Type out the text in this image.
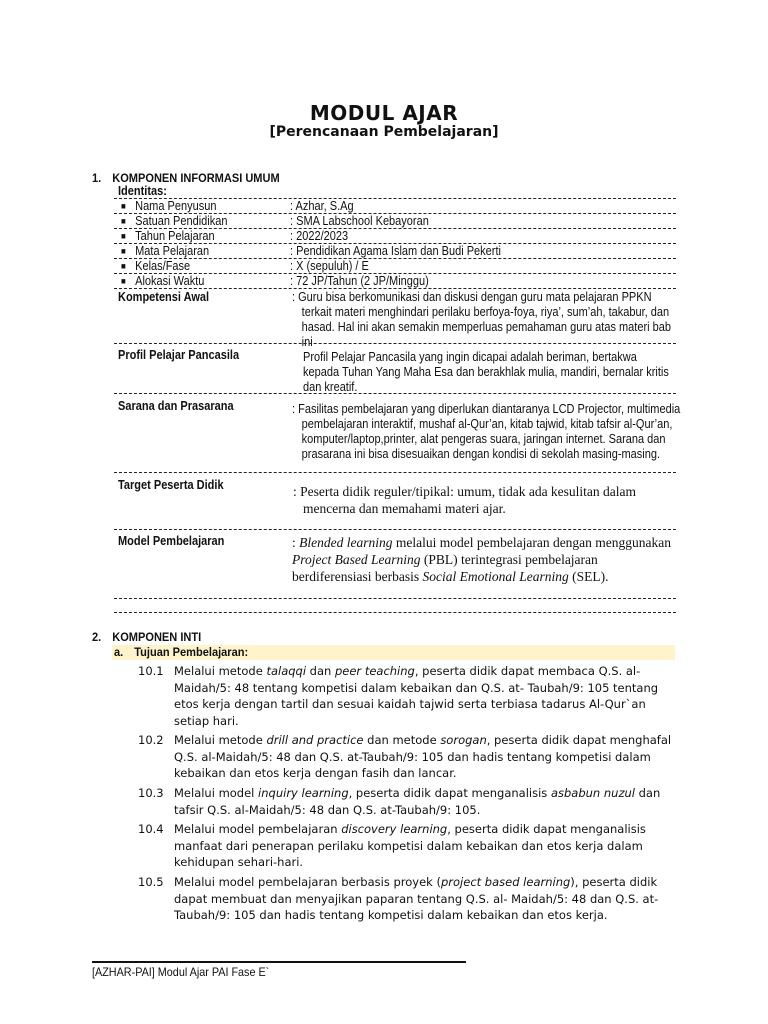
MODUL AJAR
[Perencanaan Pembelajaran]
1. KOMPONEN INFORMASI UMUM
Identitas:
■ Nama Penyusun	: Azhar, S.Ag
■ Satuan Pendidikan	: SMA Labschool Kebayoran
■ Tahun Pelajaran	: 2022/2023
■ Mata Pelajaran	: Pendidikan Agama Islam dan Budi Pekerti
■ Kelas/Fase	: X (sepuluh) / E
■ Alokasi Waktu	: 72 JP/Tahun (2 JP/Minggu)
Kompetensi Awal	: Guru bisa berkomunikasi dan diskusi dengan guru mata pelajaran PPKN terkait materi menghindari perilaku berfoya-foya, riya’, sum’ah, takabur, dan hasad. Hal ini akan semakin memperluas pemahaman guru atas materi bab ini
Profil Pelajar Pancasila	Profil Pelajar Pancasila yang ingin dicapai adalah beriman, bertakwa kepada Tuhan Yang Maha Esa dan berakhlak mulia, mandiri, bernalar kritis dan kreatif.
Sarana dan Prasarana	: Fasilitas pembelajaran yang diperlukan diantaranya LCD Projector, multimedia pembelajaran interaktif, mushaf al-Qur’an, kitab tajwid, kitab tafsir al-Qur’an, komputer/laptop,printer, alat pengeras suara, jaringan internet. Sarana dan prasarana ini bisa disesuaikan dengan kondisi di sekolah masing-masing.
Target Peserta Didik	: Peserta didik reguler/tipikal: umum, tidak ada kesulitan dalam mencerna dan memahami materi ajar.
Model Pembelajaran	: Blended learning melalui model pembelajaran dengan menggunakan Project Based Learning (PBL) terintegrasi pembelajaran berdiferensiasi berbasis Social Emotional Learning (SEL).
2. KOMPONEN INTI
a. Tujuan Pembelajaran:
10.1 Melalui metode talaqqi dan peer teaching, peserta didik dapat membaca Q.S. al-Maidah/5: 48 tentang kompetisi dalam kebaikan dan Q.S. at- Taubah/9: 105 tentang etos kerja dengan tartil dan sesuai kaidah tajwid serta terbiasa tadarus Al-Qur`an setiap hari.
10.2 Melalui metode drill and practice dan metode sorogan, peserta didik dapat menghafal Q.S. al-Maidah/5: 48 dan Q.S. at-Taubah/9: 105 dan hadis tentang kompetisi dalam kebaikan dan etos kerja dengan fasih dan lancar.
10.3 Melalui model inquiry learning, peserta didik dapat menganalisis asbabun nuzul dan tafsir Q.S. al-Maidah/5: 48 dan Q.S. at-Taubah/9: 105.
10.4 Melalui model pembelajaran discovery learning, peserta didik dapat menganalisis manfaat dari penerapan perilaku kompetisi dalam kebaikan dan etos kerja dalam kehidupan sehari-hari.
10.5 Melalui model pembelajaran berbasis proyek (project based learning), peserta didik dapat membuat dan menyajikan paparan tentang Q.S. al- Maidah/5: 48 dan Q.S. at-Taubah/9: 105 dan hadis tentang kompetisi dalam kebaikan dan etos kerja.
[AZHAR-PAI] Modul Ajar PAI Fase E`
